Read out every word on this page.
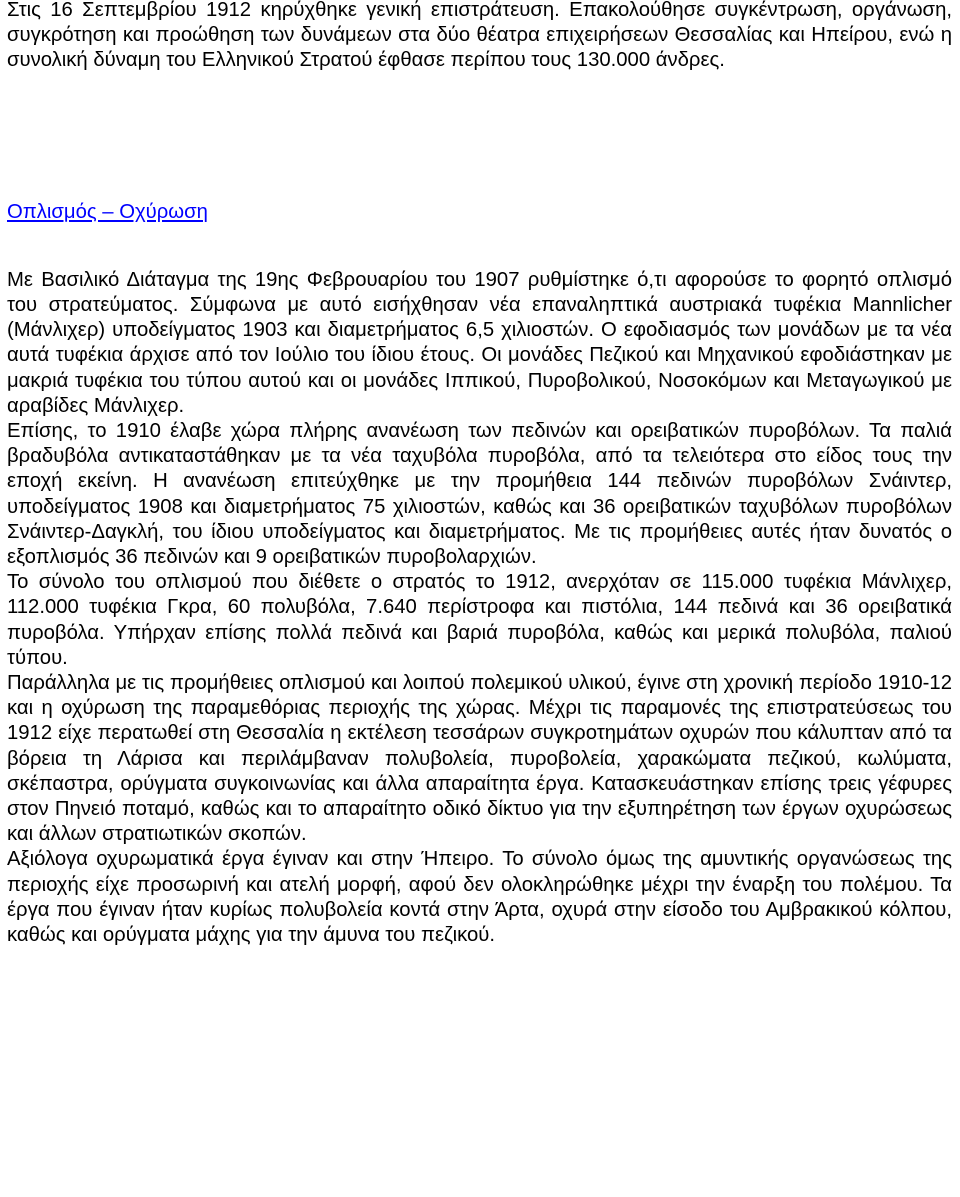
Στις 16 Σεπτεμβρίου 1912 κηρύχθηκε γενική επιστράτευση. Επακολούθησε συγκέντρωση, οργάνωση, συγκρότηση και προώθηση των δυνάμεων στα δύο θέατρα επιχειρήσεων Θεσσαλίας και Ηπείρου, ενώ η συνολική δύναμη του Ελληνικού Στρατού έφθασε περίπου τους 130.000 άνδρες.

Οπλισμός – Οχύρωση

Με Βασιλικό Διάταγμα της 19ης Φεβρουαρίου του 1907 ρυθμίστηκε ό,τι αφορούσε το φορητό οπλισμό του στρατεύματος. Σύμφωνα με αυτό εισήχθησαν νέα επαναληπτικά αυστριακά τυφέκια Mannlicher (Μάνλιχερ) υποδείγματος 1903 και διαμετρήματος 6,5 χιλιοστών. Ο εφοδιασμός των μονάδων με τα νέα αυτά τυφέκια άρχισε από τον Ιούλιο του ίδιου έτους. Οι μονάδες Πεζικού και Μηχανικού εφοδιάστηκαν με μακριά τυφέκια του τύπου αυτού και οι μονάδες Ιππικού, Πυροβολικού, Νοσοκόμων και Μεταγωγικού με αραβίδες Μάνλιχερ.

Επίσης, το 1910 έλαβε χώρα πλήρης ανανέωση των πεδινών και ορειβατικών πυροβόλων. Τα παλιά βραδυβόλα αντικαταστάθηκαν με τα νέα ταχυβόλα πυροβόλα, από τα τελειότερα στο είδος τους την εποχή εκείνη. Η ανανέωση επιτεύχθηκε με την προμήθεια 144 πεδινών πυροβόλων Σνάιντερ, υποδείγματος 1908 και διαμετρήματος 75 χιλιοστών, καθώς και 36 ορειβατικών ταχυβόλων πυροβόλων Σνάιντερ-Δαγκλή, του ίδιου υποδείγματος και διαμετρήματος. Με τις προμήθειες αυτές ήταν δυνατός ο εξοπλισμός 36 πεδινών και 9 ορειβατικών πυροβολαρχιών.

Το σύνολο του οπλισμού που διέθετε ο στρατός το 1912, ανερχόταν σε 115.000 τυφέκια Μάνλιχερ, 112.000 τυφέκια Γκρα, 60 πολυβόλα, 7.640 περίστροφα και πιστόλια, 144 πεδινά και 36 ορειβατικά πυροβόλα. Υπήρχαν επίσης πολλά πεδινά και βαριά πυροβόλα, καθώς και μερικά πολυβόλα, παλιού τύπου.

Παράλληλα με τις προμήθειες οπλισμού και λοιπού πολεμικού υλικού, έγινε στη χρονική περίοδο 1910-12 και η οχύρωση της παραμεθόριας περιοχής της χώρας. Μέχρι τις παραμονές της επιστρατεύσεως του 1912 είχε περατωθεί στη Θεσσαλία η εκτέλεση τεσσάρων συγκροτημάτων οχυρών που κάλυπταν από τα βόρεια τη Λάρισα και περιλάμβαναν πολυβολεία, πυροβολεία, χαρακώματα πεζικού, κωλύματα, σκέπαστρα, ορύγματα συγκοινωνίας και άλλα απαραίτητα έργα. Κατασκευάστηκαν επίσης τρεις γέφυρες στον Πηνειό ποταμό, καθώς και το απαραίτητο οδικό δίκτυο για την εξυπηρέτηση των έργων οχυρώσεως και άλλων στρατιωτικών σκοπών.

Αξιόλογα οχυρωματικά έργα έγιναν και στην Ήπειρο. Το σύνολο όμως της αμυντικής οργανώσεως της περιοχής είχε προσωρινή και ατελή μορφή, αφού δεν ολοκληρώθηκε μέχρι την έναρξη του πολέμου. Τα έργα που έγιναν ήταν κυρίως πολυβολεία κοντά στην Άρτα, οχυρά στην είσοδο του Αμβρακικού κόλπου, καθώς και ορύγματα μάχης για την άμυνα του πεζικού.
